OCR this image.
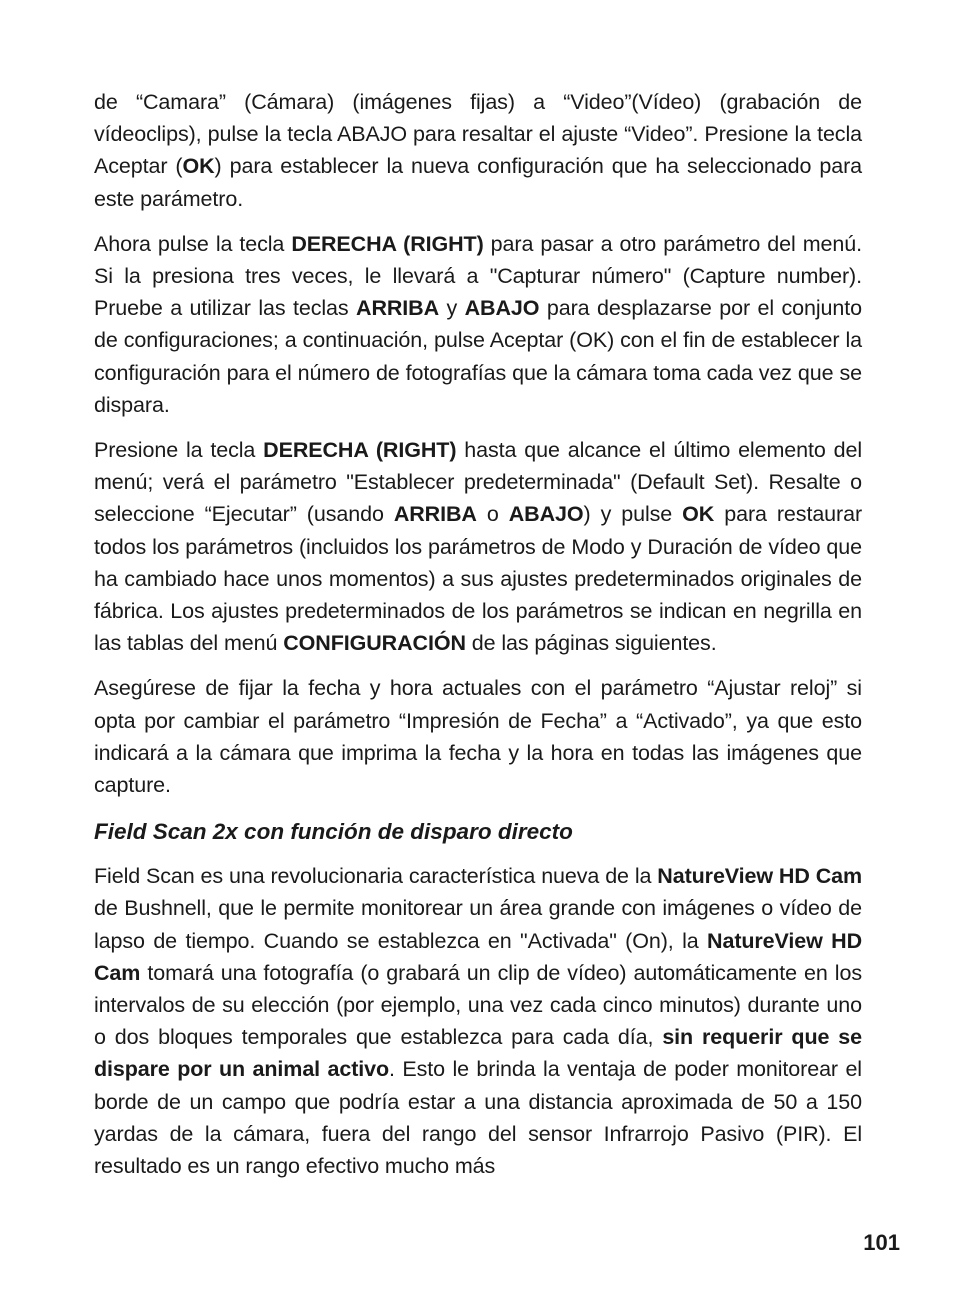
de “Camara” (Cámara) (imágenes fijas) a “Video”(Vídeo) (grabación de vídeoclips), pulse la tecla ABAJO para resaltar el ajuste “Video”. Presione la tecla Aceptar (OK) para establecer la nueva configuración que ha seleccionado para este parámetro.

Ahora pulse la tecla DERECHA (RIGHT) para pasar a otro parámetro del menú. Si la presiona tres veces, le llevará a "Capturar número" (Capture number). Pruebe a utilizar las teclas ARRIBA y ABAJO para desplazarse por el conjunto de configuraciones; a continuación, pulse Aceptar (OK) con el fin de establecer la configuración para el número de fotografías que la cámara toma cada vez que se dispara.

Presione la tecla DERECHA (RIGHT) hasta que alcance el último elemento del menú; verá el parámetro "Establecer predeterminada" (Default Set). Resalte o seleccione “Ejecutar” (usando ARRIBA o ABAJO) y pulse OK para restaurar todos los parámetros (incluidos los parámetros de Modo y Duración de vídeo que ha cambiado hace unos momentos) a sus ajustes predeterminados originales de fábrica. Los ajustes predeterminados de los parámetros se indican en negrilla en las tablas del menú CONFIGURACIÓN de las páginas siguientes.

Asegúrese de fijar la fecha y hora actuales con el parámetro “Ajustar reloj” si opta por cambiar el parámetro “Impresión de Fecha” a “Activado”, ya que esto indicará a la cámara que imprima la fecha y la hora en todas las imágenes que capture.

Field Scan 2x con función de disparo directo

Field Scan es una revolucionaria característica nueva de la NatureView HD Cam de Bushnell, que le permite monitorear un área grande con imágenes o vídeo de lapso de tiempo. Cuando se establezca en "Activada" (On), la NatureView HD Cam tomará una fotografía (o grabará un clip de vídeo) automáticamente en los intervalos de su elección (por ejemplo, una vez cada cinco minutos) durante uno o dos bloques temporales que establezca para cada día, sin requerir que se dispare por un animal activo. Esto le brinda la ventaja de poder monitorear el borde de un campo que podría estar a una distancia aproximada de 50 a 150 yardas de la cámara, fuera del rango del sensor Infrarrojo Pasivo (PIR). El resultado es un rango efectivo mucho más

101
